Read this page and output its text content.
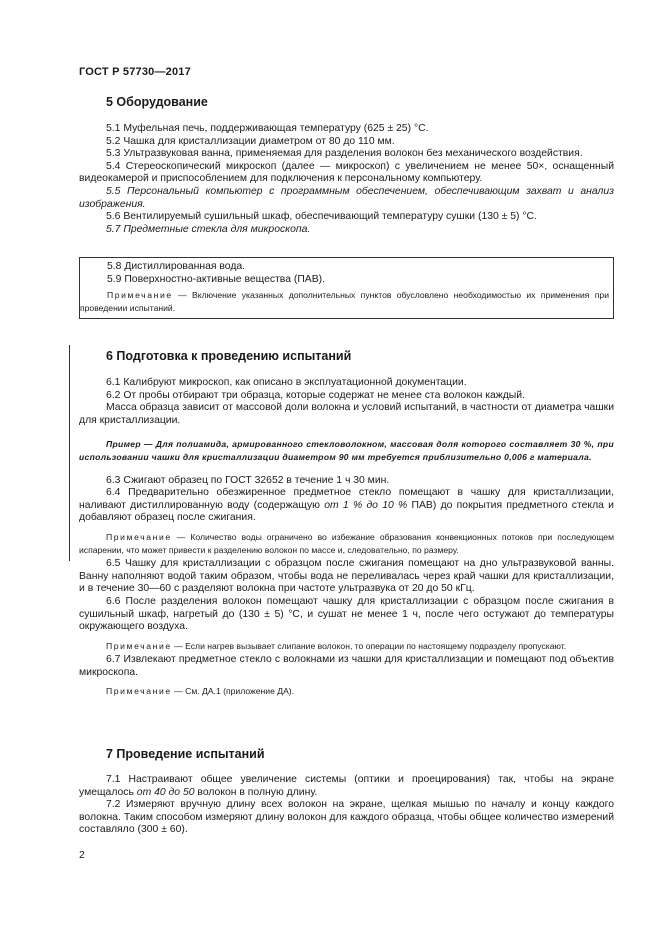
ГОСТ Р 57730—2017
5 Оборудование

5.1 Муфельная печь, поддерживающая температуру (625 ± 25) °С.

5.2 Чашка для кристаллизации диаметром от 80 до 110 мм.

5.3 Ультразвуковая ванна, применяемая для разделения волокон без механического воздействия.

5.4 Стереоскопический микроскоп (далее — микроскоп) с увеличением не менее 50×, оснащенный видеокамерой и приспособлением для подключения к персональному компьютеру.

5.5 Персональный компьютер с программным обеспечением, обеспечивающим захват и анализ изображения.

5.6 Вентилируемый сушильный шкаф, обеспечивающий температуру сушки (130 ± 5) °С.

5.7 Предметные стекла для микроскопа.

5.8 Дистиллированная вода.

5.9 Поверхностно-активные вещества (ПАВ).

Примечание — Включение указанных дополнительных пунктов обусловлено необходимостью их применения при проведении испытаний.

6 Подготовка к проведению испытаний

6.1 Калибруют микроскоп, как описано в эксплуатационной документации.

6.2 От пробы отбирают три образца, которые содержат не менее ста волокон каждый.

Масса образца зависит от массовой доли волокна и условий испытаний, в частности от диаметра чашки для кристаллизации.

Пример — Для полиамида, армированного стекловолокном, массовая доля которого составляет 30 %, при использовании чашки для кристаллизации диаметром 90 мм требуется приблизительно 0,006 г материала.

6.3 Сжигают образец по ГОСТ 32652 в течение 1 ч 30 мин.

6.4 Предварительно обезжиренное предметное стекло помещают в чашку для кристаллизации, наливают дистиллированную воду (содержащую от 1 % до 10 % ПАВ) до покрытия предметного стекла и добавляют образец после сжигания.

Примечание — Количество воды ограничено во избежание образования конвекционных потоков при последующем испарении, что может привести к разделению волокон по массе и, следовательно, по размеру.

6.5 Чашку для кристаллизации с образцом после сжигания помещают на дно ультразвуковой ванны. Ванну наполняют водой таким образом, чтобы вода не переливалась через край чашки для кристаллизации, и в течение 30—60 с разделяют волокна при частоте ультразвука от 20 до 50 кГц.

6.6 После разделения волокон помещают чашку для кристаллизации с образцом после сжигания в сушильный шкаф, нагретый до (130 ± 5) °С, и сушат не менее 1 ч, после чего остужают до температуры окружающего воздуха.

Примечание — Если нагрев вызывает слипание волокон, то операции по настоящему подразделу пропускают.

6.7 Извлекают предметное стекло с волокнами из чашки для кристаллизации и помещают под объектив микроскопа.

Примечание — См. ДА.1 (приложение ДА).

7 Проведение испытаний

7.1 Настраивают общее увеличение системы (оптики и проецирования) так, чтобы на экране умещалось от 40 до 50 волокон в полную длину.

7.2 Измеряют вручную длину всех волокон на экране, щелкая мышью по началу и концу каждого волокна. Таким способом измеряют длину волокон для каждого образца, чтобы общее количество измерений составляло (300 ± 60).

2
